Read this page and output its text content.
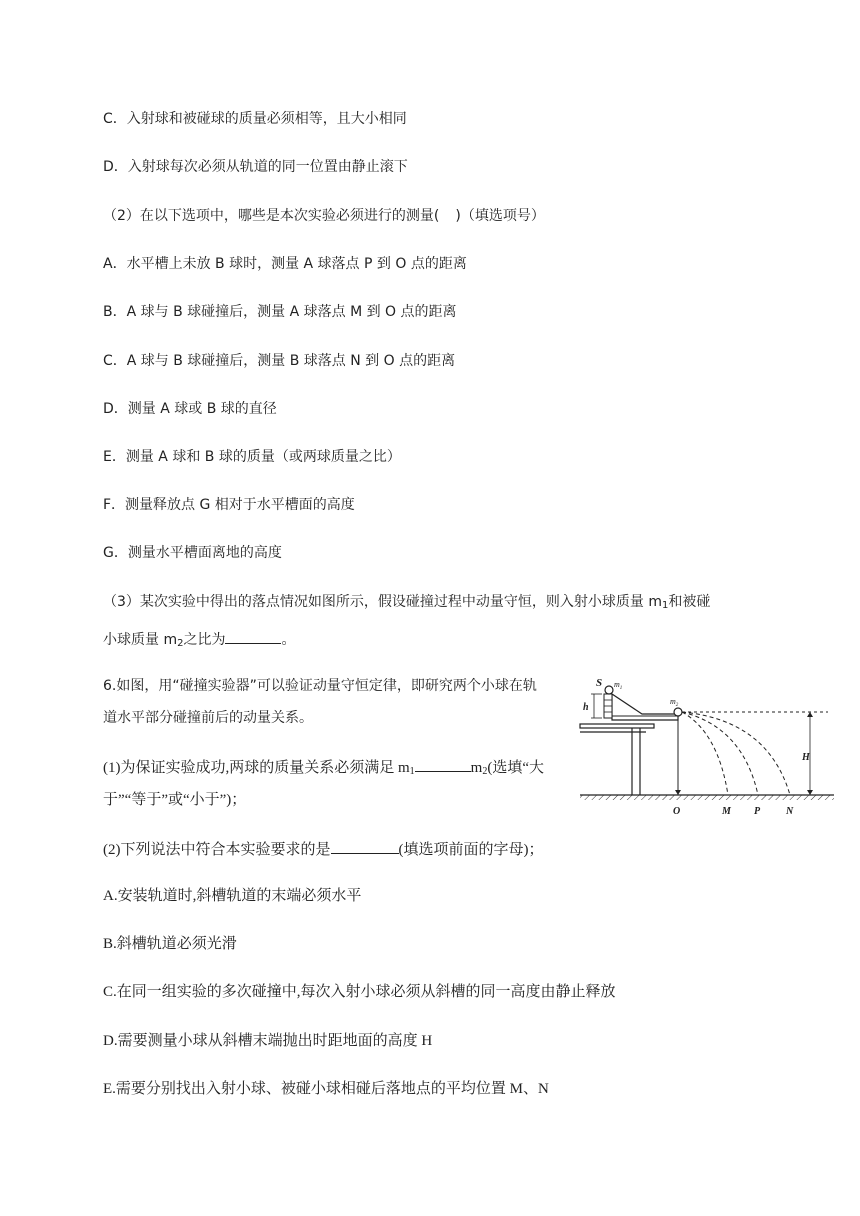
C．入射球和被碰球的质量必须相等，且大小相同
D．入射球每次必须从轨道的同一位置由静止滚下
（2）在以下选项中，哪些是本次实验必须进行的测量( )（填选项号）
A．水平槽上未放 B 球时，测量 A 球落点 P 到 O 点的距离
B．A 球与 B 球碰撞后，测量 A 球落点 M 到 O 点的距离
C．A 球与 B 球碰撞后，测量 B 球落点 N 到 O 点的距离
D．测量 A 球或 B 球的直径
E．测量 A 球和 B 球的质量（或两球质量之比）
F．测量释放点 G 相对于水平槽面的高度
G．测量水平槽面离地的高度
（3）某次实验中得出的落点情况如图所示，假设碰撞过程中动量守恒，则入射小球质量 $m_1$和被碰
小球质量 $m_2$之比为	。
6.如图，用“碰撞实验器”可以验证动量守恒定律，即研究两个小球在轨
道水平部分碰撞前后的动量关系。
(1)为保证实验成功,两球的质量关系必须满足 $m_1$	$m_2$(选填“大
于”“等于”或“小于”)；
(2)下列说法中符合本实验要求的是	(填选项前面的字母)；
A.安装轨道时,斜槽轨道的末端必须水平
B.斜槽轨道必须光滑
C.在同一组实验的多次碰撞中,每次入射小球必须从斜槽的同一高度由静止释放
D.需要测量小球从斜槽末端抛出时距地面的高度 H
E.需要分别找出入射小球、被碰小球相碰后落地点的平均位置 M、N
S $m_1$
$m_2$
h
H
O	M P	N
